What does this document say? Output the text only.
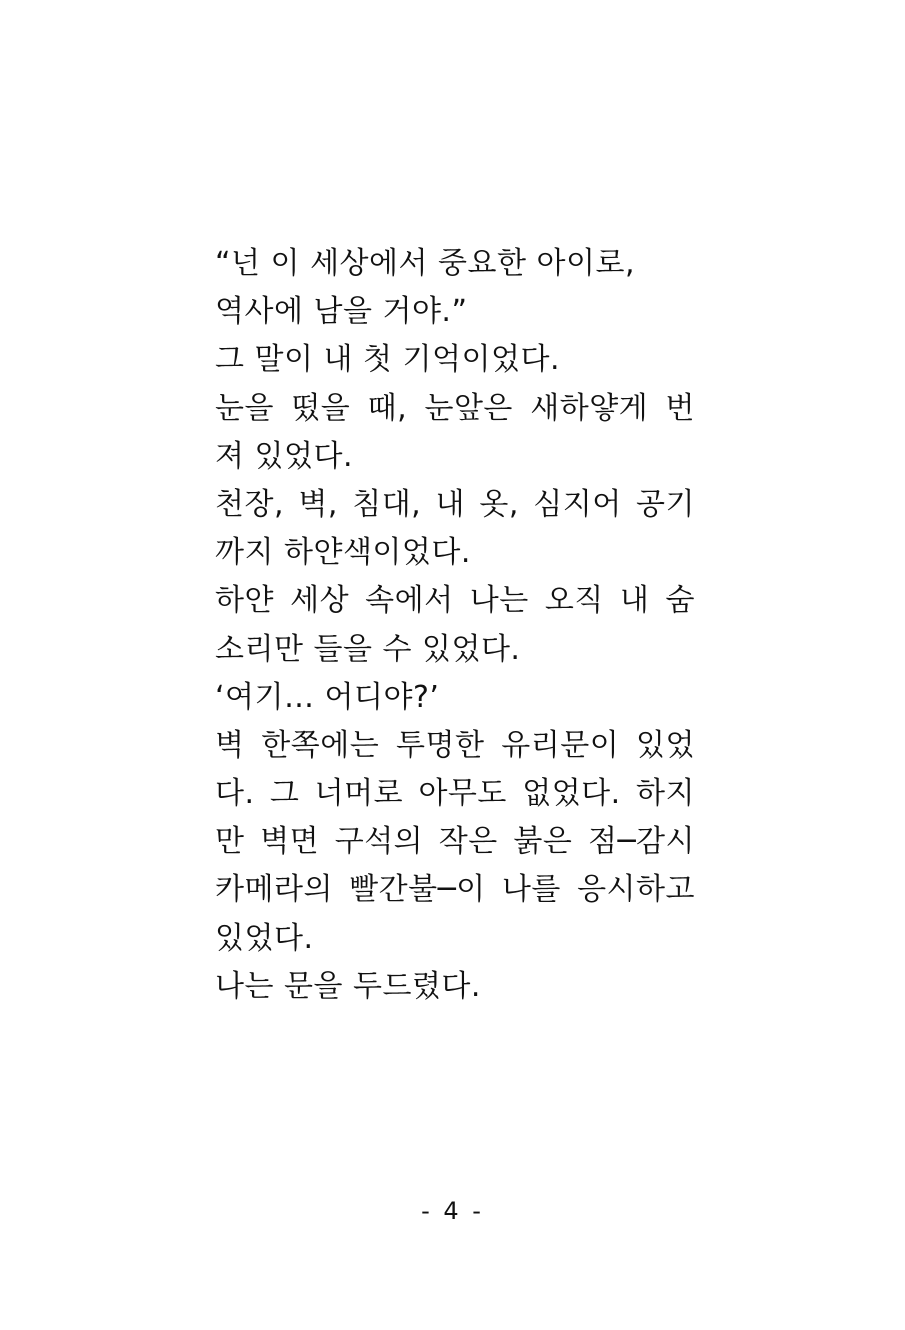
“넌 이 세상에서 중요한 아이로,
역사에 남을 거야.”
그 말이 내 첫 기억이었다.
눈을 떴을 때, 눈앞은 새하얗게 번
져 있었다.
천장, 벽, 침대, 내 옷, 심지어 공기
까지 하얀색이었다.
하얀 세상 속에서 나는 오직 내 숨
소리만 들을 수 있었다.
‘여기… 어디야?’
벽 한쪽에는 투명한 유리문이 있었
다. 그 너머로 아무도 없었다. 하지
만 벽면 구석의 작은 붉은 점─감시
카메라의 빨간불─이 나를 응시하고
있었다.
나는 문을 두드렸다.
- 4 -
